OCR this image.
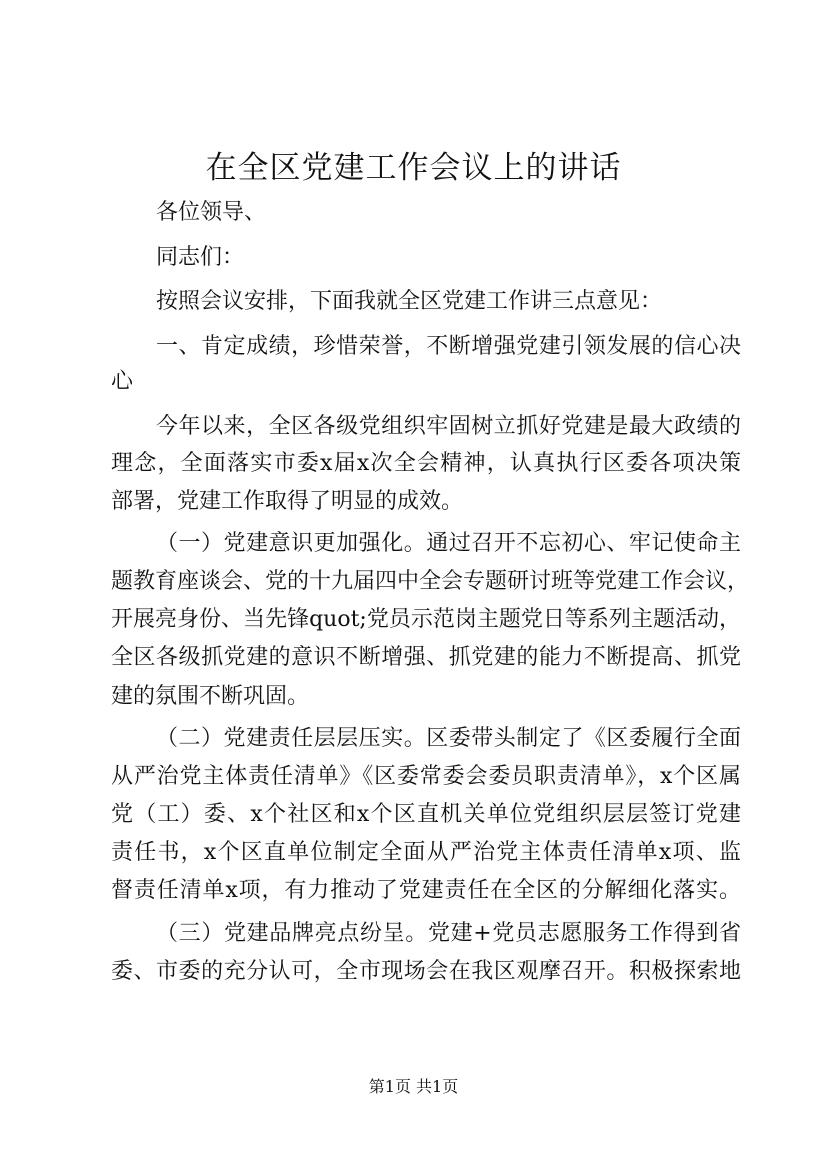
在全区党建工作会议上的讲话
各位领导、
同志们：
按照会议安排，下面我就全区党建工作讲三点意见：
一、肯定成绩，珍惜荣誉，不断增强党建引领发展的信心决
心
今年以来，全区各级党组织牢固树立抓好党建是最大政绩的
理念，全面落实市委x届x次全会精神，认真执行区委各项决策
部署，党建工作取得了明显的成效。
（一）党建意识更加强化。通过召开不忘初心、牢记使命主
题教育座谈会、党的十九届四中全会专题研讨班等党建工作会议，
开展亮身份、当先锋quot;党员示范岗主题党日等系列主题活动，
全区各级抓党建的意识不断增强、抓党建的能力不断提高、抓党
建的氛围不断巩固。
（二）党建责任层层压实。区委带头制定了《区委履行全面
从严治党主体责任清单》《区委常委会委员职责清单》，x个区属
党（工）委、x个社区和x个区直机关单位党组织层层签订党建
责任书，x个区直单位制定全面从严治党主体责任清单x项、监
督责任清单x项，有力推动了党建责任在全区的分解细化落实。
（三）党建品牌亮点纷呈。党建+党员志愿服务工作得到省
委、市委的充分认可，全市现场会在我区观摩召开。积极探索地
第1页 共1页
